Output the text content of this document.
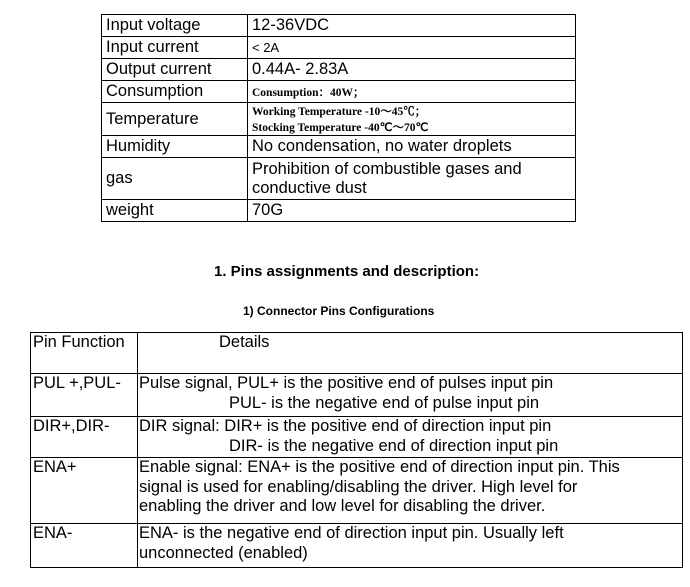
Input voltage	12-36VDC
Input current	< 2A
Output current	0.44A- 2.83A
Consumption	Consumption：40W；
Temperature	Working Temperature -10～45℃；
Stocking Temperature -40℃～70℃

Humidity	No condensation, no water droplets
gas	Prohibition of combustible gases and
conductive dust

weight	70G
1. Pins assignments and description:
1) Connector Pins Configurations
Pin Function	Details
PUL +,PUL-	Pulse signal, PUL+ is the positive end of pulses input pin
PUL- is the negative end of pulse input pin

DIR+,DIR-	DIR signal: DIR+ is the positive end of direction input pin
DIR- is the negative end of direction input pin

ENA+	Enable signal: ENA+ is the positive end of direction input pin. This
signal is used for enabling/disabling the driver. High level for
enabling the driver and low level for disabling the driver.

ENA-	ENA- is the negative end of direction input pin. Usually left
unconnected (enabled)
